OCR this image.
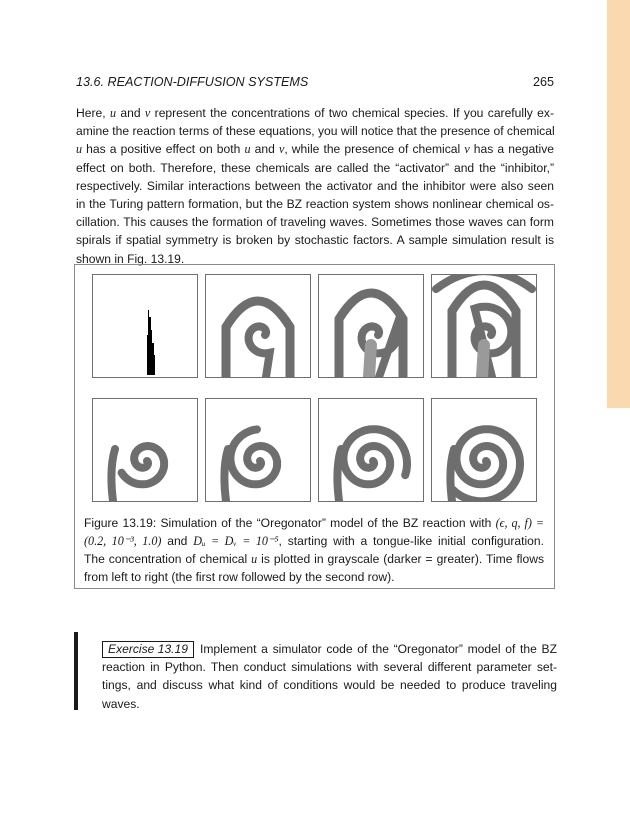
13.6. REACTION-DIFFUSION SYSTEMS	265
Here, u and v represent the concentrations of two chemical species. If you carefully ex-
amine the reaction terms of these equations, you will notice that the presence of chemical
u has a positive effect on both u and v, while the presence of chemical v has a negative
effect on both. Therefore, these chemicals are called the “activator” and the “inhibitor,”
respectively. Similar interactions between the activator and the inhibitor were also seen
in the Turing pattern formation, but the BZ reaction system shows nonlinear chemical os-
cillation. This causes the formation of traveling waves. Sometimes those waves can form
spirals if spatial symmetry is broken by stochastic factors. A sample simulation result is
shown in Fig. 13.19.
Figure 13.19: Simulation of the “Oregonator” model of the BZ reaction with (ϵ, q, f) =
(0.2, 10⁻³, 1.0) and Dᵤ = Dᵥ = 10⁻⁵, starting with a tongue-like initial configuration.
The concentration of chemical u is plotted in grayscale (darker = greater). Time flows
from left to right (the first row followed by the second row).
Exercise 13.19 Implement a simulator code of the “Oregonator” model of the BZ
reaction in Python. Then conduct simulations with several different parameter set-
tings, and discuss what kind of conditions would be needed to produce traveling
waves.
